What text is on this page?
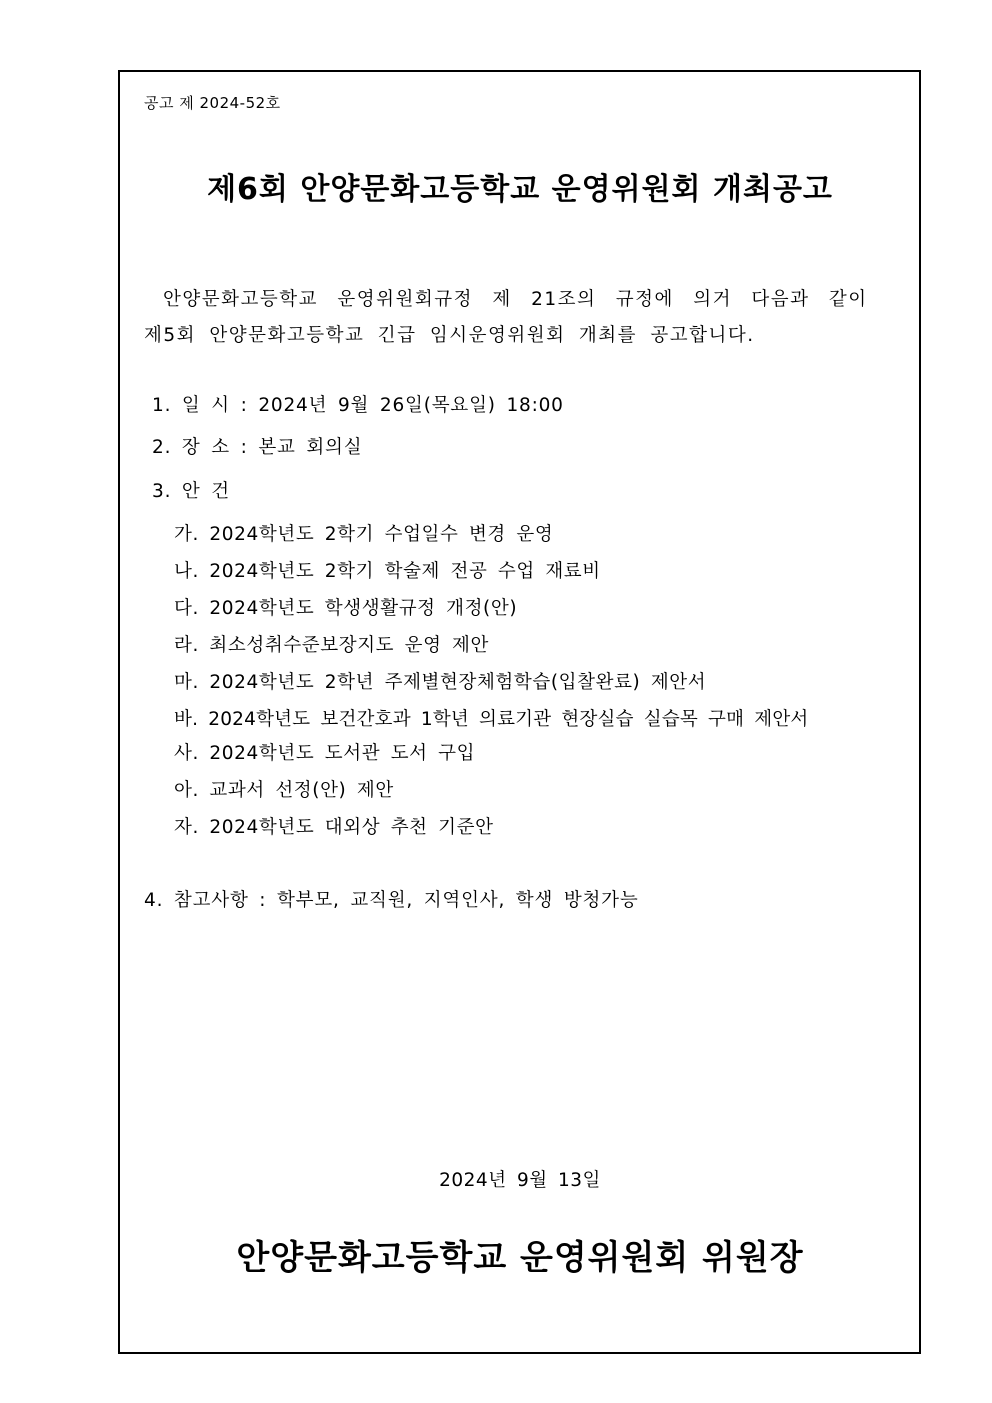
공고 제 2024-52호
제6회 안양문화고등학교 운영위원회 개최공고
안양문화고등학교 운영위원회규정 제 21조의 규정에 의거 다음과 같이
제5회 안양문화고등학교 긴급 임시운영위원회 개최를 공고합니다.
1. 일 시 : 2024년 9월 26일(목요일) 18:00
2. 장 소 : 본교 회의실
3. 안 건
가. 2024학년도 2학기 수업일수 변경 운영
나. 2024학년도 2학기 학술제 전공 수업 재료비
다. 2024학년도 학생생활규정 개정(안)
라. 최소성취수준보장지도 운영 제안
마. 2024학년도 2학년 주제별현장체험학습(입찰완료) 제안서
바. 2024학년도 보건간호과 1학년 의료기관 현장실습 실습목 구매 제안서
사. 2024학년도 도서관 도서 구입
아. 교과서 선정(안) 제안
자. 2024학년도 대외상 추천 기준안
4. 참고사항 : 학부모, 교직원, 지역인사, 학생 방청가능
2024년 9월 13일
안양문화고등학교 운영위원회 위원장
